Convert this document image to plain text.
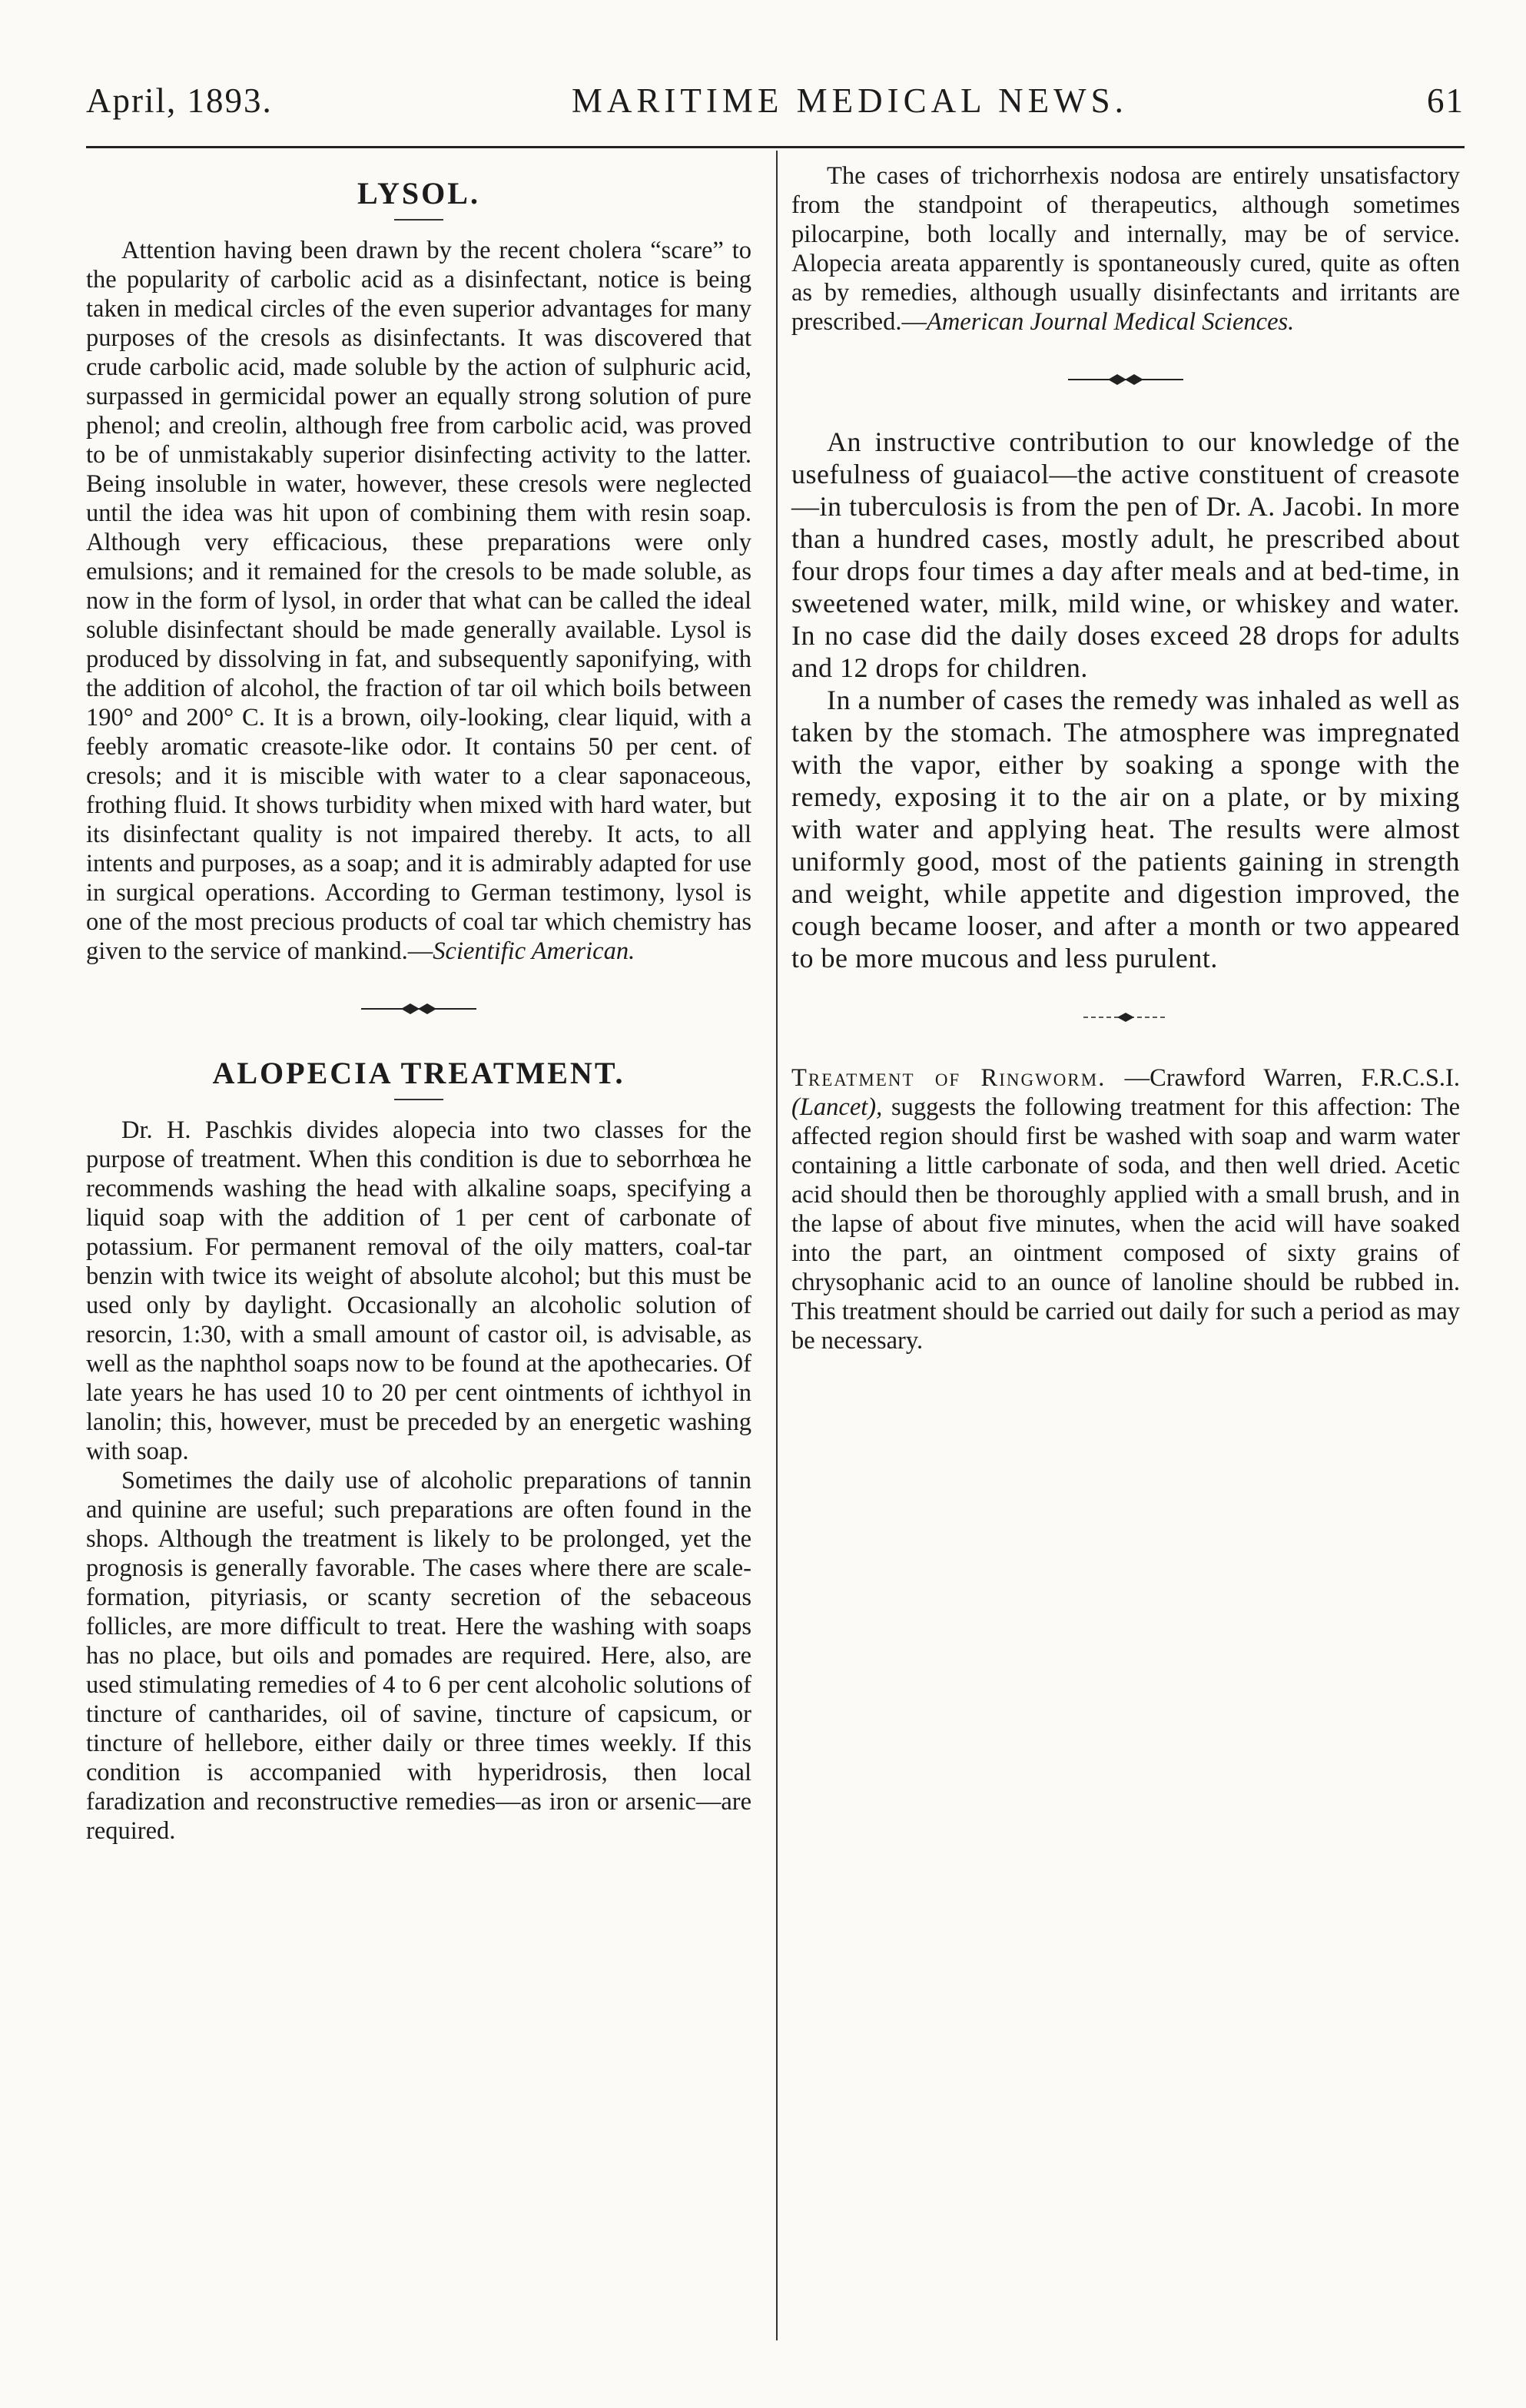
April, 1893.	MARITIME MEDICAL NEWS.	61
LYSOL.

Attention having been drawn by the recent cholera “scare” to the popularity of carbolic acid as a disinfectant, notice is being taken in medical circles of the even superior advantages for many purposes of the cresols as disinfectants. It was discovered that crude carbolic acid, made soluble by the action of sulphuric acid, surpassed in germicidal power an equally strong solution of pure phenol; and creolin, although free from carbolic acid, was proved to be of unmistakably superior disinfecting activity to the latter. Being insoluble in water, however, these cresols were neglected until the idea was hit upon of combining them with resin soap. Although very efficacious, these preparations were only emulsions; and it remained for the cresols to be made soluble, as now in the form of lysol, in order that what can be called the ideal soluble disinfectant should be made generally available. Lysol is produced by dissolving in fat, and subsequently saponifying, with the addition of alcohol, the fraction of tar oil which boils between 190° and 200° C. It is a brown, oily-looking, clear liquid, with a feebly aromatic creasote-like odor. It contains 50 per cent. of cresols; and it is miscible with water to a clear saponaceous, frothing fluid. It shows turbidity when mixed with hard water, but its disinfectant quality is not impaired thereby. It acts, to all intents and purposes, as a soap; and it is admirably adapted for use in surgical operations. According to German testimony, lysol is one of the most precious products of coal tar which chemistry has given to the service of mankind.—Scientific American.

ALOPECIA TREATMENT.

Dr. H. Paschkis divides alopecia into two classes for the purpose of treatment. When this condition is due to seborrhœa he recommends washing the head with alkaline soaps, specifying a liquid soap with the addition of 1 per cent of carbonate of potassium. For permanent removal of the oily matters, coal-tar benzin with twice its weight of absolute alcohol; but this must be used only by daylight. Occasionally an alcoholic solution of resorcin, 1:30, with a small amount of castor oil, is advisable, as well as the naphthol soaps now to be found at the apothecaries. Of late years he has used 10 to 20 per cent ointments of ichthyol in lanolin; this, however, must be preceded by an energetic washing with soap.

Sometimes the daily use of alcoholic preparations of tannin and quinine are useful; such preparations are often found in the shops. Although the treatment is likely to be prolonged, yet the prognosis is generally favorable. The cases where there are scale-formation, pityriasis, or scanty secretion of the sebaceous follicles, are more difficult to treat. Here the washing with soaps has no place, but oils and pomades are required. Here, also, are used stimulating remedies of 4 to 6 per cent alcoholic solutions of tincture of cantharides, oil of savine, tincture of capsicum, or tincture of hellebore, either daily or three times weekly. If this condition is accompanied with hyperidrosis, then local faradization and reconstructive remedies—as iron or arsenic—are required.

The cases of trichorrhexis nodosa are entirely unsatisfactory from the standpoint of therapeutics, although sometimes pilocarpine, both locally and internally, may be of service. Alopecia areata apparently is spontaneously cured, quite as often as by remedies, although usually disinfectants and irritants are prescribed.—American Journal Medical Sciences.

An instructive contribution to our knowledge of the usefulness of guaiacol—the active constituent of creasote—in tuberculosis is from the pen of Dr. A. Jacobi. In more than a hundred cases, mostly adult, he prescribed about four drops four times a day after meals and at bed-time, in sweetened water, milk, mild wine, or whiskey and water. In no case did the daily doses exceed 28 drops for adults and 12 drops for children.

In a number of cases the remedy was inhaled as well as taken by the stomach. The atmosphere was impregnated with the vapor, either by soaking a sponge with the remedy, exposing it to the air on a plate, or by mixing with water and applying heat. The results were almost uniformly good, most of the patients gaining in strength and weight, while appetite and digestion improved, the cough became looser, and after a month or two appeared to be more mucous and less purulent.

Treatment of Ringworm. —Crawford Warren, F.R.C.S.I. (Lancet), suggests the following treatment for this affection: The affected region should first be washed with soap and warm water containing a little carbonate of soda, and then well dried. Acetic acid should then be thoroughly applied with a small brush, and in the lapse of about five minutes, when the acid will have soaked into the part, an ointment composed of sixty grains of chrysophanic acid to an ounce of lanoline should be rubbed in. This treatment should be carried out daily for such a period as may be necessary.
